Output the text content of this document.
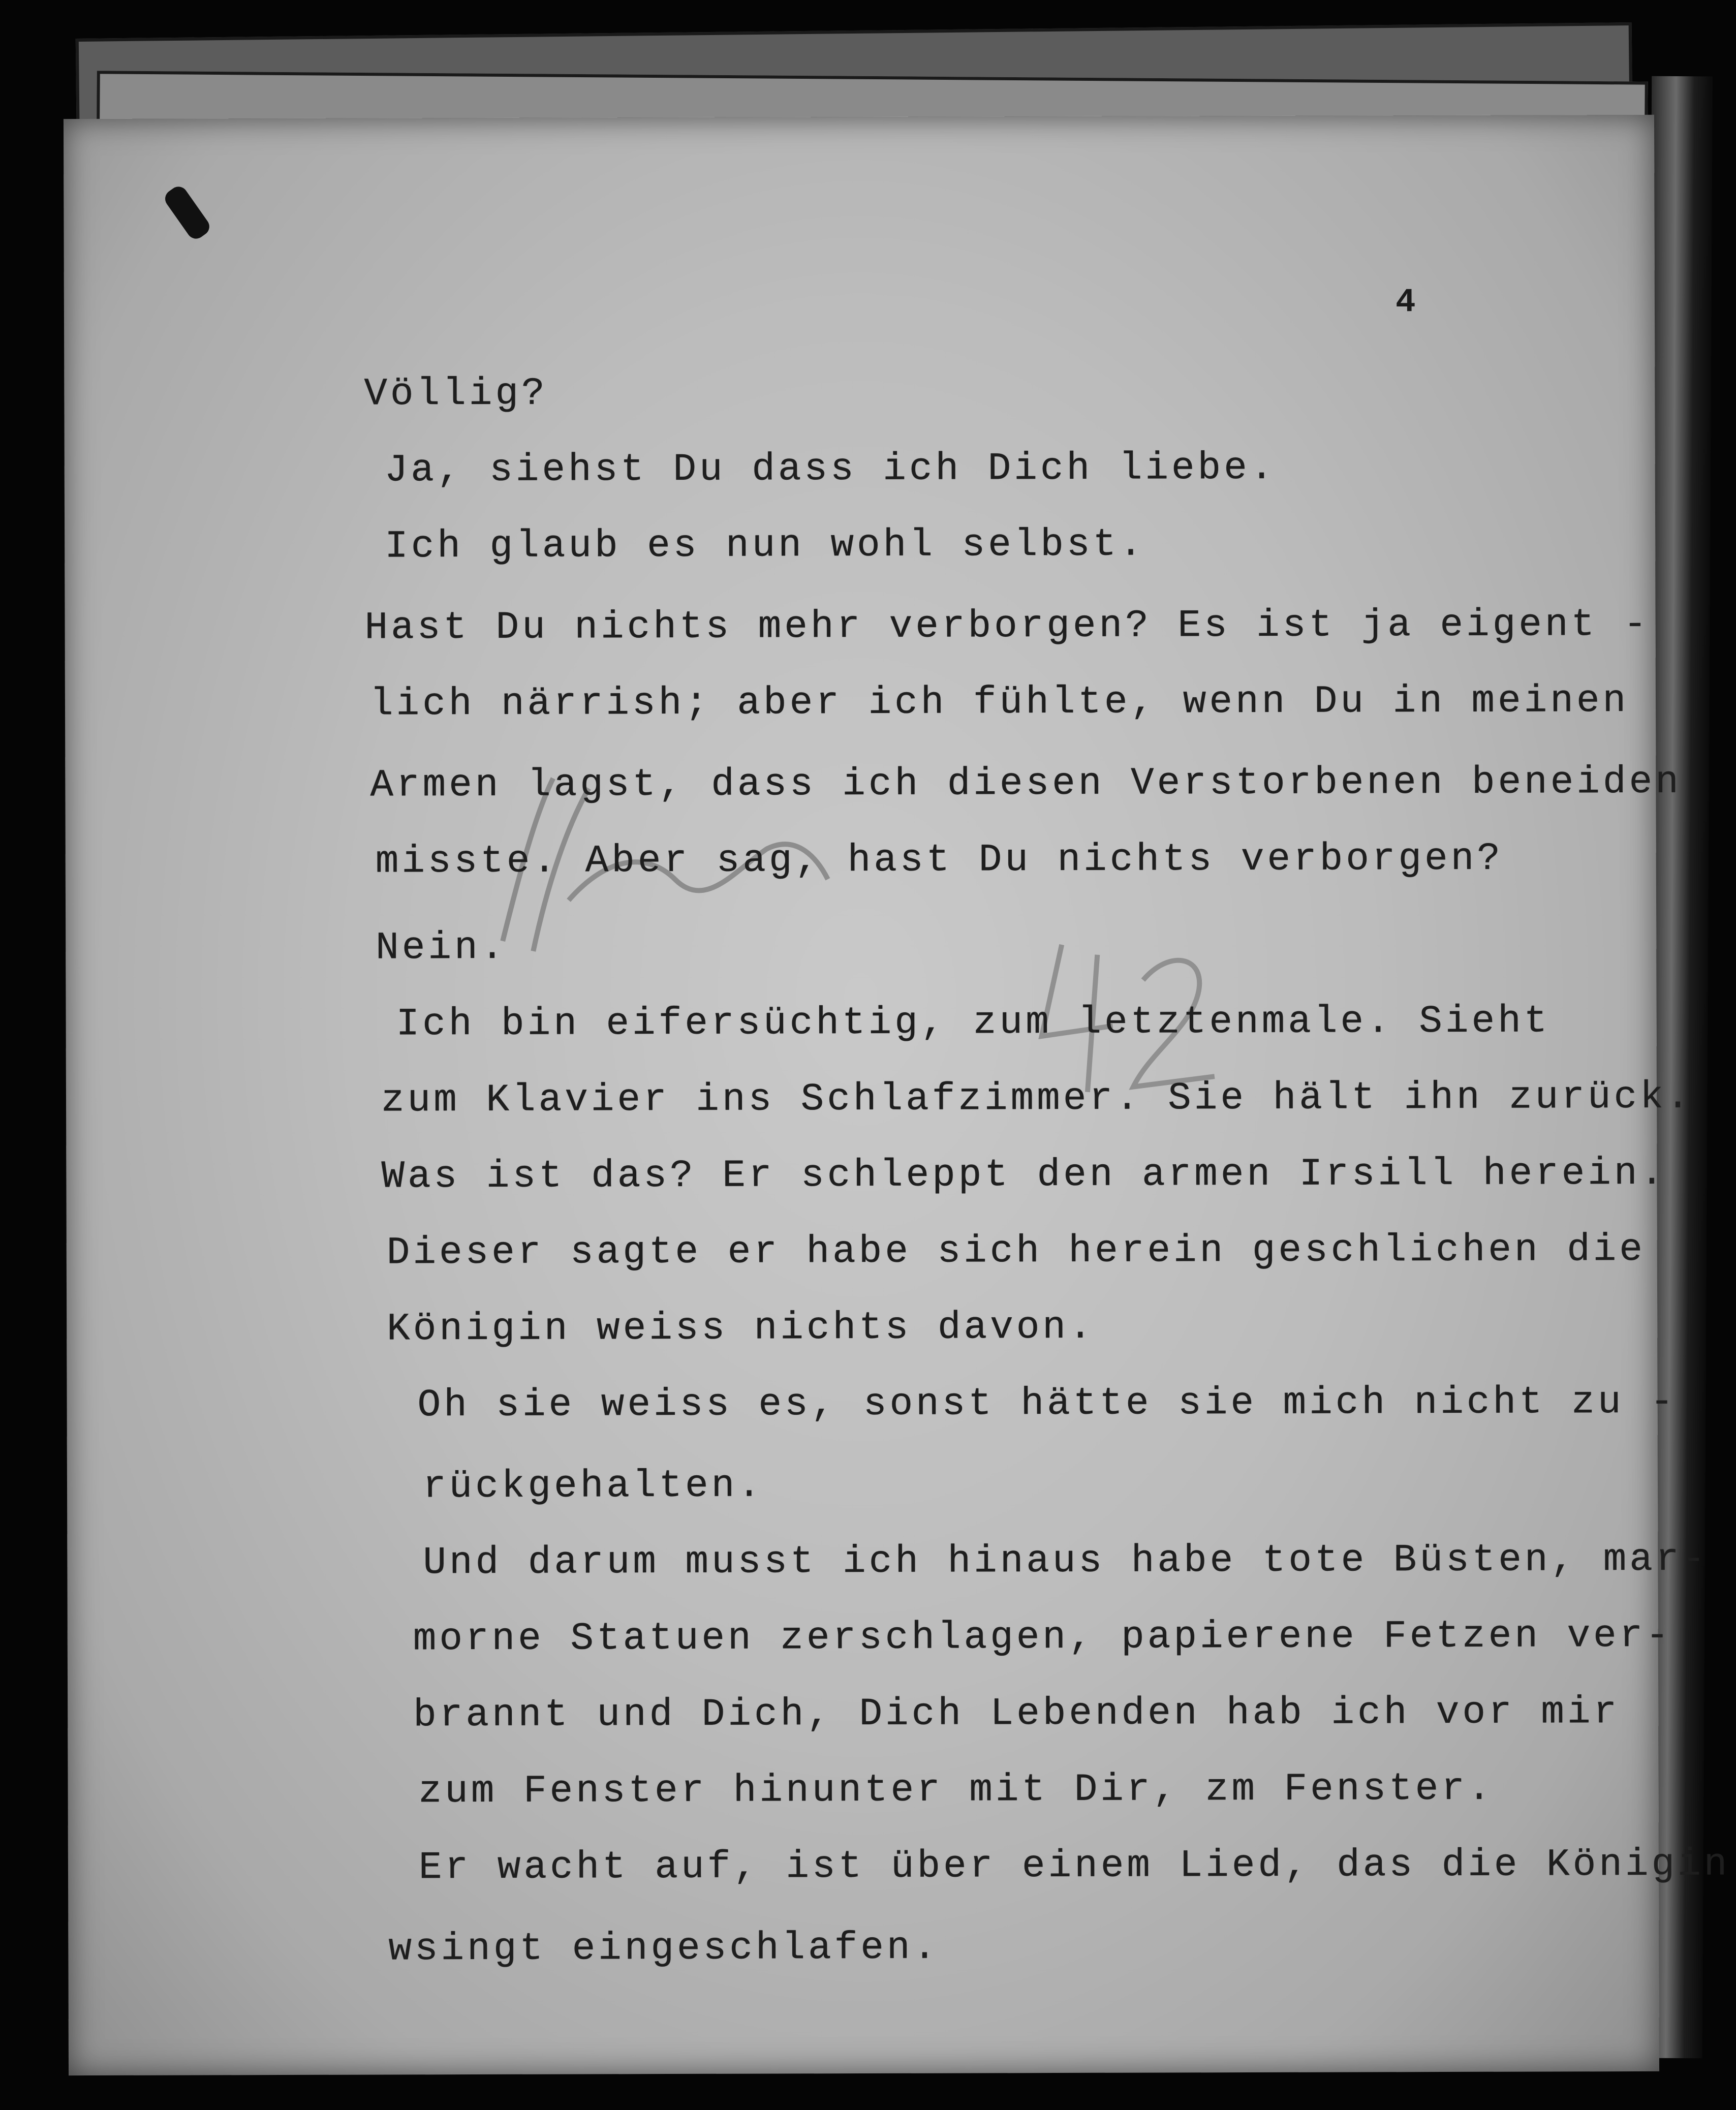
4
Völlig?
Ja, siehst Du dass ich Dich liebe.
Ich glaub es nun wohl selbst.
Hast Du nichts mehr verborgen? Es ist ja eigent -
lich närrish; aber ich fühlte, wenn Du in meinen
Armen lagst, dass ich diesen Verstorbenen beneiden
misste. Aber sag, hast Du nichts verborgen?
Nein.
Ich bin eifersüchtig, zum letztenmale. Sieht
zum Klavier ins Schlafzimmer. Sie hält ihn zurück.
Was ist das? Er schleppt den armen Irsill herein.
Dieser sagte er habe sich herein geschlichen die
Königin weiss nichts davon.
Oh sie weiss es, sonst hätte sie mich nicht zu -
rückgehalten.
Und darum musst ich hinaus habe tote Büsten, mar-
morne Statuen zerschlagen, papierene Fetzen ver-
brannt und Dich, Dich Lebenden hab ich vor mir
zum Fenster hinunter mit Dir, zm Fenster.
Er wacht auf, ist über einem Lied, das die Königin
wsingt eingeschlafen.
